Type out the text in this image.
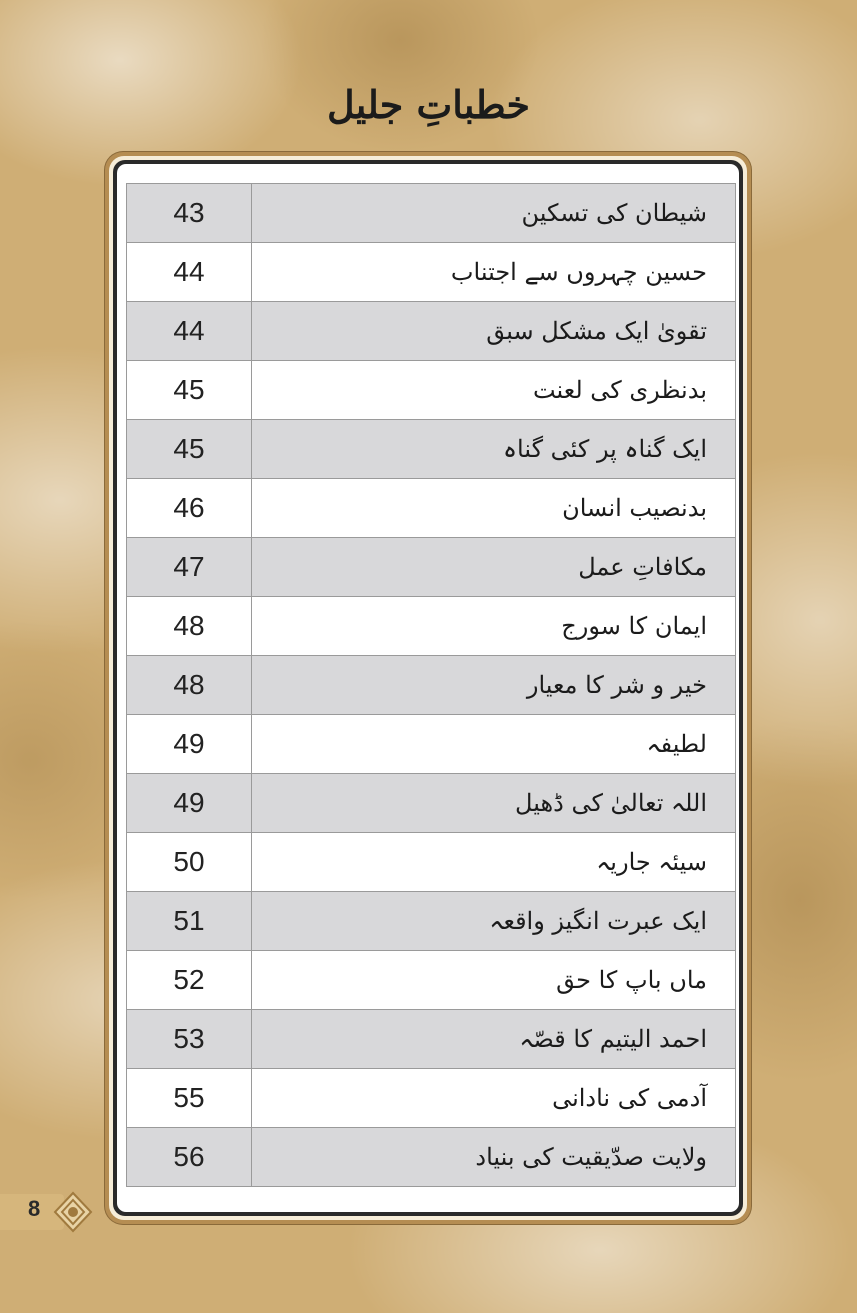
خطباتِ جلیل
43	شیطان کی تسکین
44	حسین چہروں سے اجتناب
44	تقویٰ ایک مشکل سبق
45	بدنظری کی لعنت
45	ایک گناہ پر کئی گناہ
46	بدنصیب انسان
47	مکافاتِ عمل
48	ایمان کا سورج
48	خیر و شر کا معیار
49	لطیفہ
49	اللہ تعالیٰ کی ڈھیل
50	سیئہ جاریہ
51	ایک عبرت انگیز واقعہ
52	ماں باپ کا حق
53	احمد الیتیم کا قصّہ
55	آدمی کی نادانی
56	ولایت صدّیقیت کی بنیاد
8
